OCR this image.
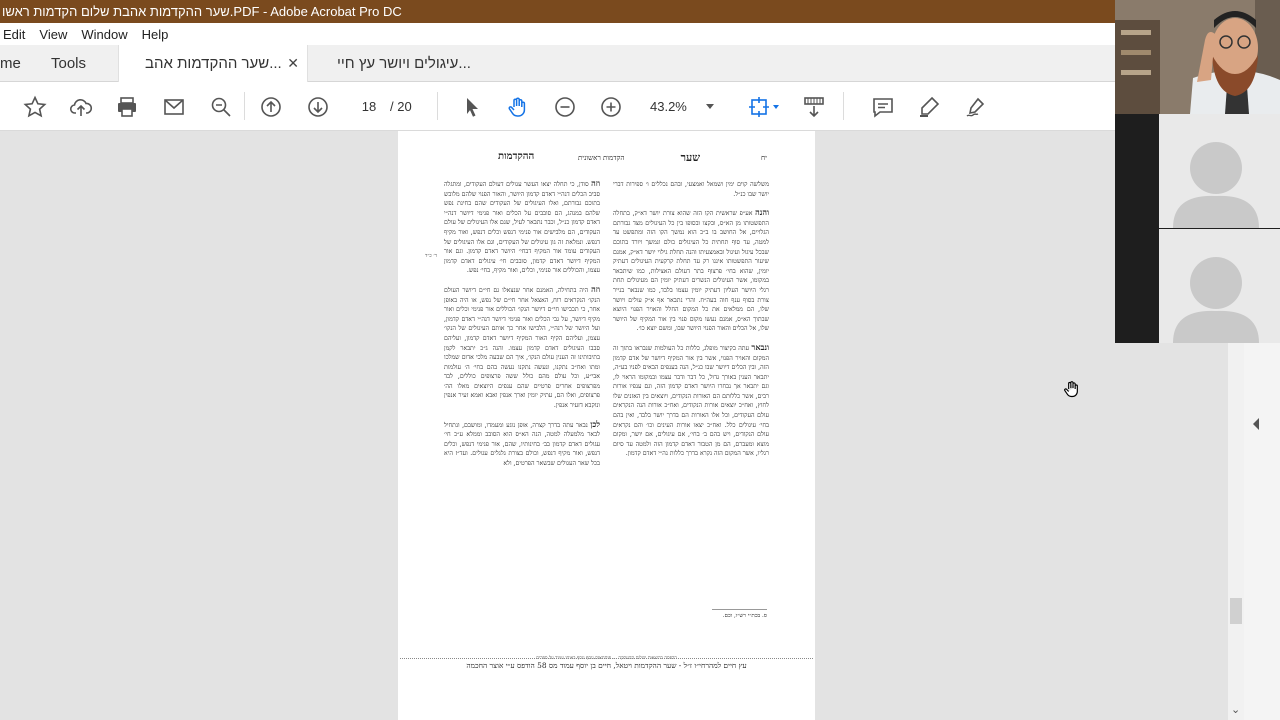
שער ההקדמות אהבת שלום הקדמות ראשו.PDF - Adobe Acrobat Pro DC
Edit	View	Window	Help
me	Tools	שער ההקדמות אהב... ✕	עיגולים ויושר עץ חיי...
18	/ 20	43.2%
יח
שער
הקדמות ראשונית
ההקדמות

משלשה קוים ימין ושמאל ואמצעי, ובהם נכללים ו׳ ספירות דברי יושר שבו כנ״ל.

והנה אע״פ שראשית הקו הזה שהוא צורת יושר דא״ק, בתחלה התפשטותו מן הא״ס, ובקצו ובסופו בין כל העיגולים מצד גבורתם הגלויים, אל החושב בו ב״כ הוא נמשך הקו הזה ומתפשט עד למטה, עד סוף תחתית כל העיגולים כולם ונמשך ויורד בתוכם שבכל עיגול ועיגול ובאמצעיתו והנה תחלת גילוי יושר דא״ק, אמנם שיעור התפשטותו איננו רק עד תחלת קרקעית העיגולים דעתיק יומין, שהוא בחי׳ פרצוף בתר דעולם האצילות, כמו שיתבאר במקומו, אשר העיגולים הנשרים דעתיק יומין הם מעיגולים תחת רגלי היושר העליון דעתיק יומין עצמו בלבד, כמו שנבאר בנייר צורת בסוף ענף חוה בעה״ח. והרי נתבאר אף א״ק עולים ויושר שלו, הם ממלאים את כל המקום החלל והאויר הפנוי היוצא שבתוך הא״ס, אמנם נעשו מקום פנוי בין אור המקיף של היושר שלו, אל הכלים והאור הפנוי היושר שבו, ומשם יוצא כו׳.

ונבאר עתה בקיצור מופלג, כללות כל העולמות שנבראו בתוך זה המקום והאויר הפנוי, אשר בין אור המקיף דיושר של אדם קדמון הזה, ובין הכלים דיושר שבו כנ״ל, הנה בענפים הבאים לפניו בע״ה, יתבאר הענין באורך גדול, כל דבר ודבר עצמו ובמקומו הראוי לו, וגם יתבאר אך נבחרו היושר דאדם קדמון הזה, וגם ענפיו אורות רבים, אשר כללותם הם האורות הנקודים, ויוצאים בין האזנים שלו לחוץ, ואח״כ יוצאים אורות הנקודים, ואח״כ אורות הנה הנקראים עולם העקודים, וכל אלו האורות הם בדרך יושר בלבד, ואין בהם בחי׳ עיגולים כלל. ואח״כ יצאו אורות העינים וכו׳ והם נקראים עולם הנקודים, ויש בהם ב׳ בחי׳, אם עיגולים, אם יושר, ומקום מוצא ומעברם, הם מן הטבור דאדם קדמון הזה ולמטה עד סיום רגליו, אשר המקום הזה נקרא בדרך כללות נה״י דאדם קדמון.

וזה סודן, כי תחלה יצאו העשר עגולים דעולם העקודים, ומתגלה סביב הכלים דנה״י דאדם קדמון היושר, והאור הפנוי שלהם מלובש בתוכם גבורתם, ואלו העיגולים של העקודים שהם בחינת נפש שלהם במנהג, הם סובבים על הכלים ואור פנימי דיושר דנה״י דאדם קדמון כנ״ל, וכבר נתבאר לעיל, שגם אלו העיגולים של עולם העקודים, הם מלבישים אור פנימי דנפש וכלים דנפש, ואור מקיף דנפש. ונמלאת זה גון עיגולים של העקודים, וגם אלו העיגולים של העקודים עומד אור המקיף דבחי׳ היושר דאדם קדמון. וגם אור המקיף דיושר דאדם קדמון, סובבים חי׳ עיגולים דאדם קדמון עצמו, והכוללים אור פנימי, וכלים, ואור מקיף, בחי׳ נפש.

וזה היה בתחילה, האמנם אחר שנצאלו גם חי״ם דיושר העולם הנקו׳ הנקראים רוח, האצאל אחר חי״ם של נפש, או היה באופן אחר, כי תכבישו חי״ם דיושר הנקו׳ הכוללים אור פנימי וכלים ואור מקיף דיושר, על גבי הכלים ואור פנימי דיושר דנה״י דאדם קדמון, ועל היושר של רנה״י, הלבישו אחר כך אותם העיגולים של הנקו׳ עצמן, ועליהם הקיף האור המקיף דיושר דאדם קדמון, ועליהם סבבו העיגולים דאדם קדמון עצמו. והנה ג״כ יתבאר לקמן בתיבותינו זה הענין עולם הנקו׳, איך הם שבעה מלכי אדום שמלכו ומתו ואח״כ נתקנו, ונעשה נתקנו נעשה בהם בחי׳ ה׳ עולמות אבי״ע, וכל עולם מהם כולל ששה פרצופים כוללים, לבד מפרצופים אחרים פרטיים שהם ענפים היוצאים מאלו הה׳ פרצופים, ואלו הם, עתיק יומין וארך אנפין ואבא ואמא זעיר אנפין ונוקבא דזעיר אנפין.

לכן נבאר עתה בדרך קצרה, אופן נוגע ומעמדו, ומושבם, ונתחיל לבאר מלמעלה למטה, הנה הא״ס הוא הסובב וממלא ע״כ חי׳ עגולים דאדם קדמון בב׳ בחינותיו, שהם, אור פנימי דנפש, וכלים דנפש, ואור מקיף דנפש, וכולם בצורת גלגלים עגולים. ועד״ז היא בכל שאר העגולים שבשאר הפרטים, ולא

ד׳ כ״ד
ס. בכת״י רש״ו, וכם.
הדפסה בהוצאות ישלום ההעתקה ... פיתחאות נוסף נוסף באותו עמוד על ספרים
עץ חיים למהרחי״ו ז״ל - שער ההקדמות ויטאל, חיים בן יוסף עמוד מס 58 הודפס ע״י אוצר החכמה
⌄
